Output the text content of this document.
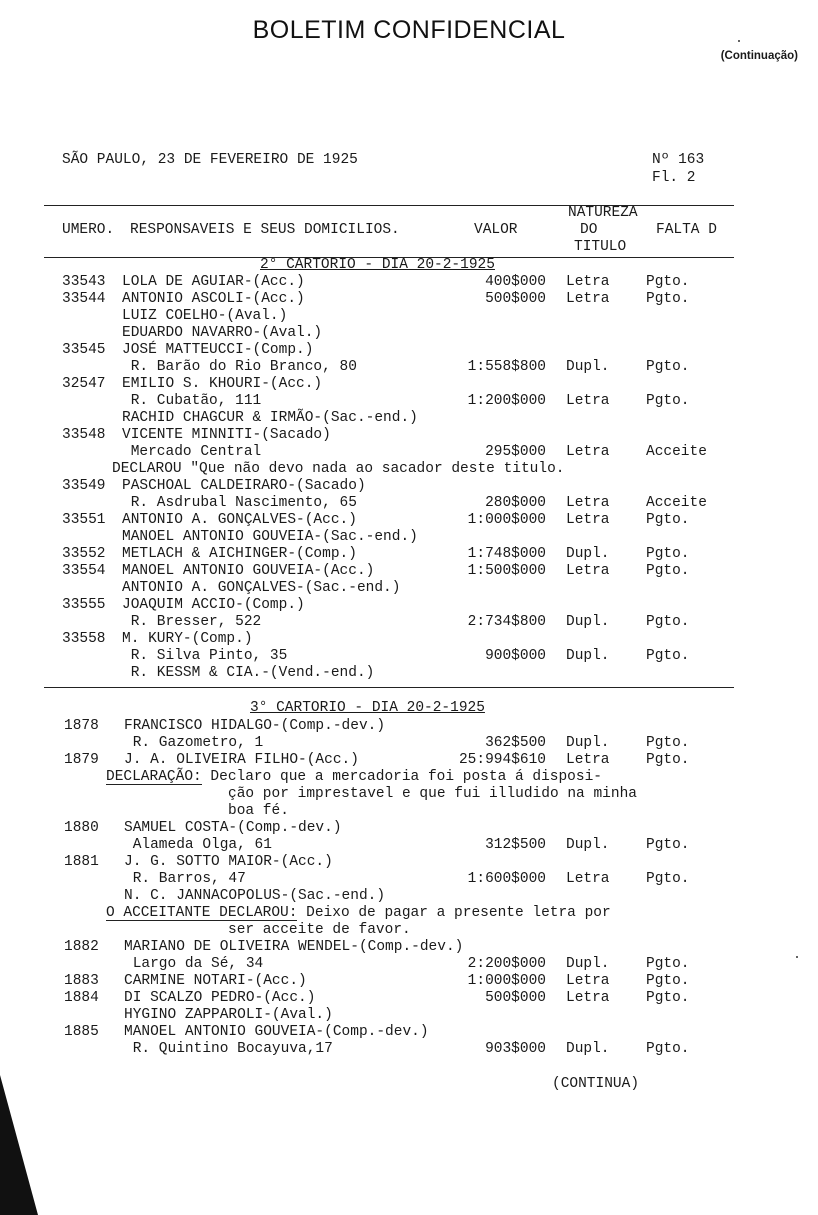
BOLETIM CONFIDENCIAL
(Continuação)
SÃO PAULO, 23 DE FEVEREIRO DE 1925	Nº 163
Fl. 2
NATUREZA
UMERO. RESPONSAVEIS E SEUS DOMICILIOS.	VALOR	DO	FALTA D
TITULO
2° CARTORIO - DIA 20-2-1925
33543 LOLA DE AGUIAR-(Acc.)	400$000 Letra	Pgto.
33544 ANTONIO ASCOLI-(Acc.)	500$000 Letra	Pgto.
LUIZ COELHO-(Aval.)
EDUARDO NAVARRO-(Aval.)
33545 JOSÉ MATTEUCCI-(Comp.)
R. Barão do Rio Branco, 80	1:558$800 Dupl.	Pgto.
32547 EMILIO S. KHOURI-(Acc.)
R. Cubatão, 111	1:200$000 Letra	Pgto.
RACHID CHAGCUR & IRMÃO-(Sac.-end.)
33548 VICENTE MINNITI-(Sacado)
Mercado Central	295$000 Letra	Acceite
DECLAROU "Que não devo nada ao sacador deste titulo.
33549 PASCHOAL CALDEIRARO-(Sacado)
R. Asdrubal Nascimento, 65	280$000 Letra	Acceite
33551 ANTONIO A. GONÇALVES-(Acc.)	1:000$000 Letra	Pgto.
MANOEL ANTONIO GOUVEIA-(Sac.-end.)
33552 METLACH & AICHINGER-(Comp.)	1:748$000 Dupl.	Pgto.
33554 MANOEL ANTONIO GOUVEIA-(Acc.)	1:500$000 Letra	Pgto.
ANTONIO A. GONÇALVES-(Sac.-end.)
33555 JOAQUIM ACCIO-(Comp.)
R. Bresser, 522	2:734$800 Dupl.	Pgto.
33558 M. KURY-(Comp.)
R. Silva Pinto, 35	900$000 Dupl.	Pgto.
R. KESSM & CIA.-(Vend.-end.)
3° CARTORIO - DIA 20-2-1925
1878 FRANCISCO HIDALGO-(Comp.-dev.)
R. Gazometro, 1	362$500 Dupl.	Pgto.
1879 J. A. OLIVEIRA FILHO-(Acc.)	25:994$610 Letra	Pgto.
DECLARAÇÃO: Declaro que a mercadoria foi posta á disposi-
ção por imprestavel e que fui illudido na minha
boa fé.
1880 SAMUEL COSTA-(Comp.-dev.)
Alameda Olga, 61	312$500 Dupl.	Pgto.
1881 J. G. SOTTO MAIOR-(Acc.)
R. Barros, 47	1:600$000 Letra	Pgto.
N. C. JANNACOPOLUS-(Sac.-end.)
O ACCEITANTE DECLAROU: Deixo de pagar a presente letra por
ser acceite de favor.
1882 MARIANO DE OLIVEIRA WENDEL-(Comp.-dev.)
Largo da Sé, 34	2:200$000 Dupl.	Pgto.
1883 CARMINE NOTARI-(Acc.)	1:000$000 Letra	Pgto.
1884 DI SCALZO PEDRO-(Acc.)	500$000 Letra	Pgto.
HYGINO ZAPPAROLI-(Aval.)
1885 MANOEL ANTONIO GOUVEIA-(Comp.-dev.)
R. Quintino Bocayuva,17	903$000 Dupl.	Pgto.
(CONTINUA)
